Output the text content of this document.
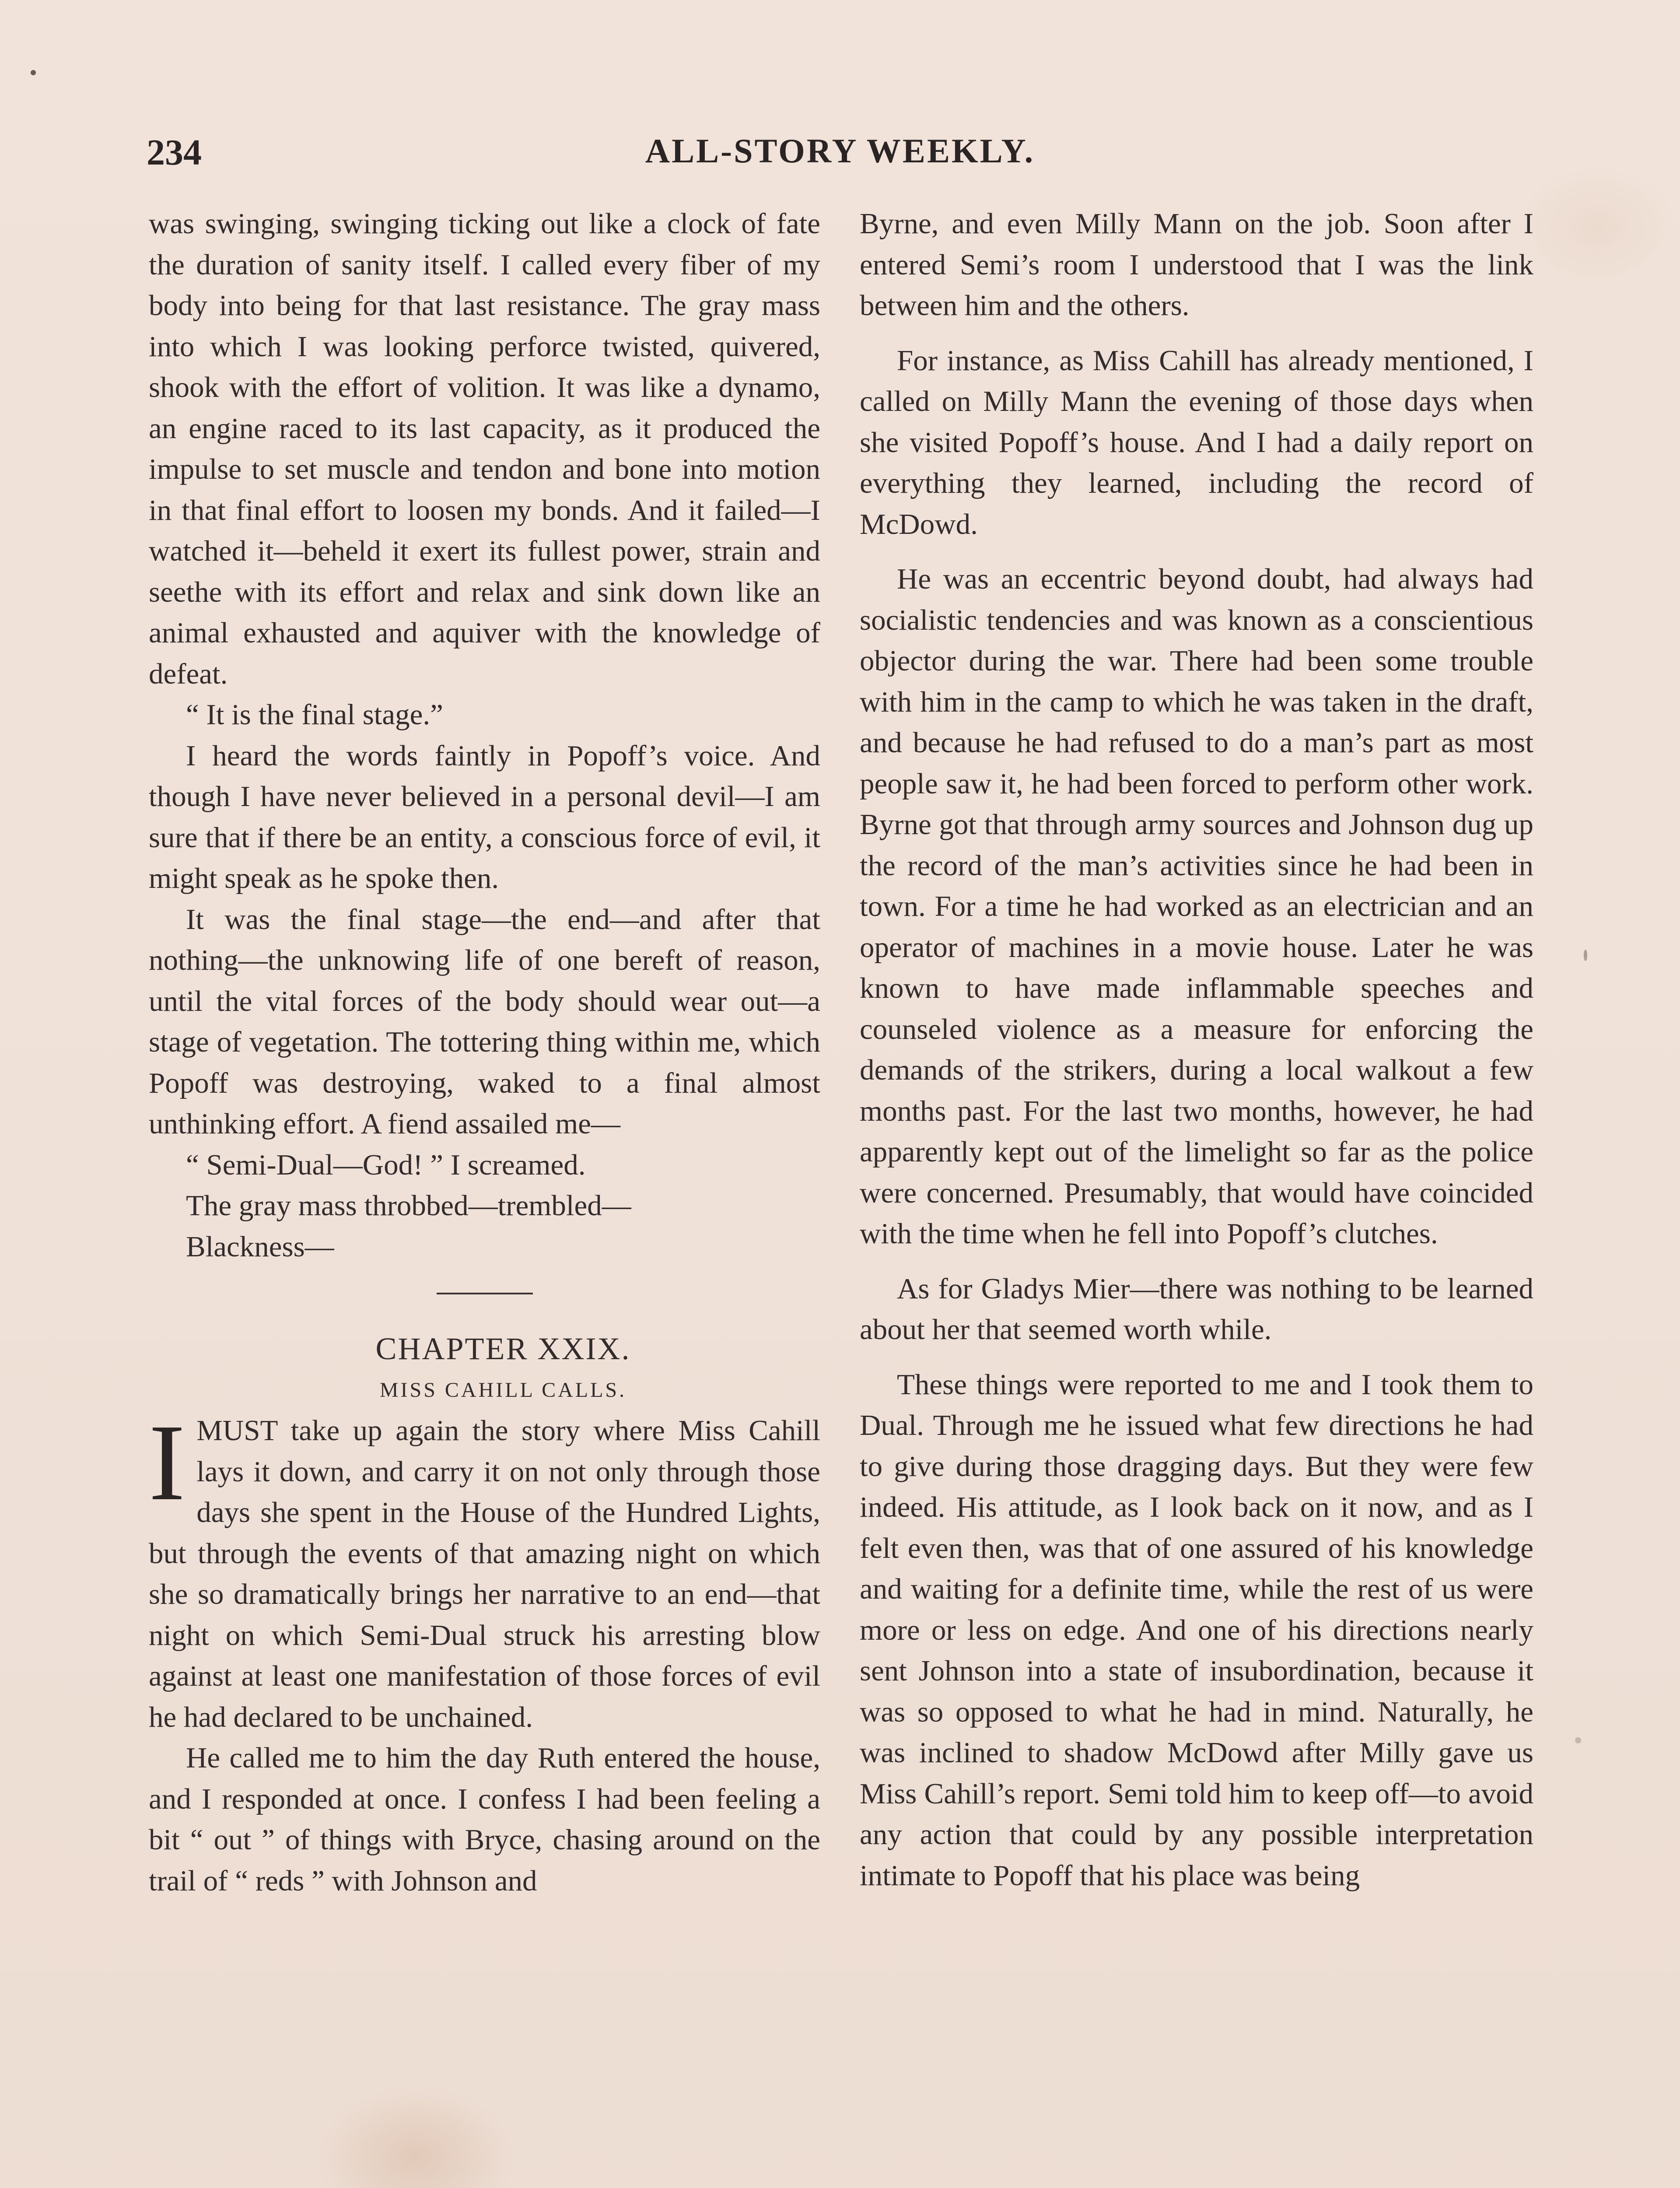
234	ALL-STORY WEEKLY.

was swinging, swinging ticking out like a clock of fate the duration of sanity itself. I called every fiber of my body into being for that last resistance. The gray mass into which I was looking perforce twisted, quivered, shook with the effort of volition. It was like a dynamo, an engine raced to its last capacity, as it produced the impulse to set muscle and tendon and bone into motion in that final effort to loosen my bonds. And it failed—I watched it—beheld it exert its fullest power, strain and seethe with its effort and relax and sink down like an animal exhausted and aquiver with the knowledge of defeat.

“ It is the final stage.”

I heard the words faintly in Popoff’s voice. And though I have never believed in a personal devil—I am sure that if there be an entity, a conscious force of evil, it might speak as he spoke then.

It was the final stage—the end—and after that nothing—the unknowing life of one bereft of reason, until the vital forces of the body should wear out—a stage of vegetation. The tottering thing within me, which Popoff was destroying, waked to a final almost unthinking effort. A fiend assailed me—

“ Semi-Dual—God! ” I screamed.

The gray mass throbbed—trembled—

Blackness—

CHAPTER XXIX.

MISS CAHILL CALLS.

I MUST take up again the story where Miss Cahill lays it down, and carry it on not only through those days she spent in the House of the Hundred Lights, but through the events of that amazing night on which she so dramatically brings her narrative to an end—that night on which Semi-Dual struck his arresting blow against at least one manifestation of those forces of evil he had declared to be unchained.

He called me to him the day Ruth entered the house, and I responded at once. I confess I had been feeling a bit “ out ” of things with Bryce, chasing around on the trail of “ reds ” with Johnson and

Byrne, and even Milly Mann on the job. Soon after I entered Semi’s room I understood that I was the link between him and the others.

For instance, as Miss Cahill has already mentioned, I called on Milly Mann the evening of those days when she visited Popoff’s house. And I had a daily report on everything they learned, including the record of McDowd.

He was an eccentric beyond doubt, had always had socialistic tendencies and was known as a conscientious objector during the war. There had been some trouble with him in the camp to which he was taken in the draft, and because he had refused to do a man’s part as most people saw it, he had been forced to perform other work. Byrne got that through army sources and Johnson dug up the record of the man’s activities since he had been in town. For a time he had worked as an electrician and an operator of machines in a movie house. Later he was known to have made inflammable speeches and counseled violence as a measure for enforcing the demands of the strikers, during a local walkout a few months past. For the last two months, however, he had apparently kept out of the limelight so far as the police were concerned. Presumably, that would have coincided with the time when he fell into Popoff’s clutches.

As for Gladys Mier—there was nothing to be learned about her that seemed worth while.

These things were reported to me and I took them to Dual. Through me he issued what few directions he had to give during those dragging days. But they were few indeed. His attitude, as I look back on it now, and as I felt even then, was that of one assured of his knowledge and waiting for a definite time, while the rest of us were more or less on edge. And one of his directions nearly sent Johnson into a state of insubordination, because it was so opposed to what he had in mind. Naturally, he was inclined to shadow McDowd after Milly gave us Miss Cahill’s report. Semi told him to keep off—to avoid any action that could by any possible interpretation intimate to Popoff that his place was being
